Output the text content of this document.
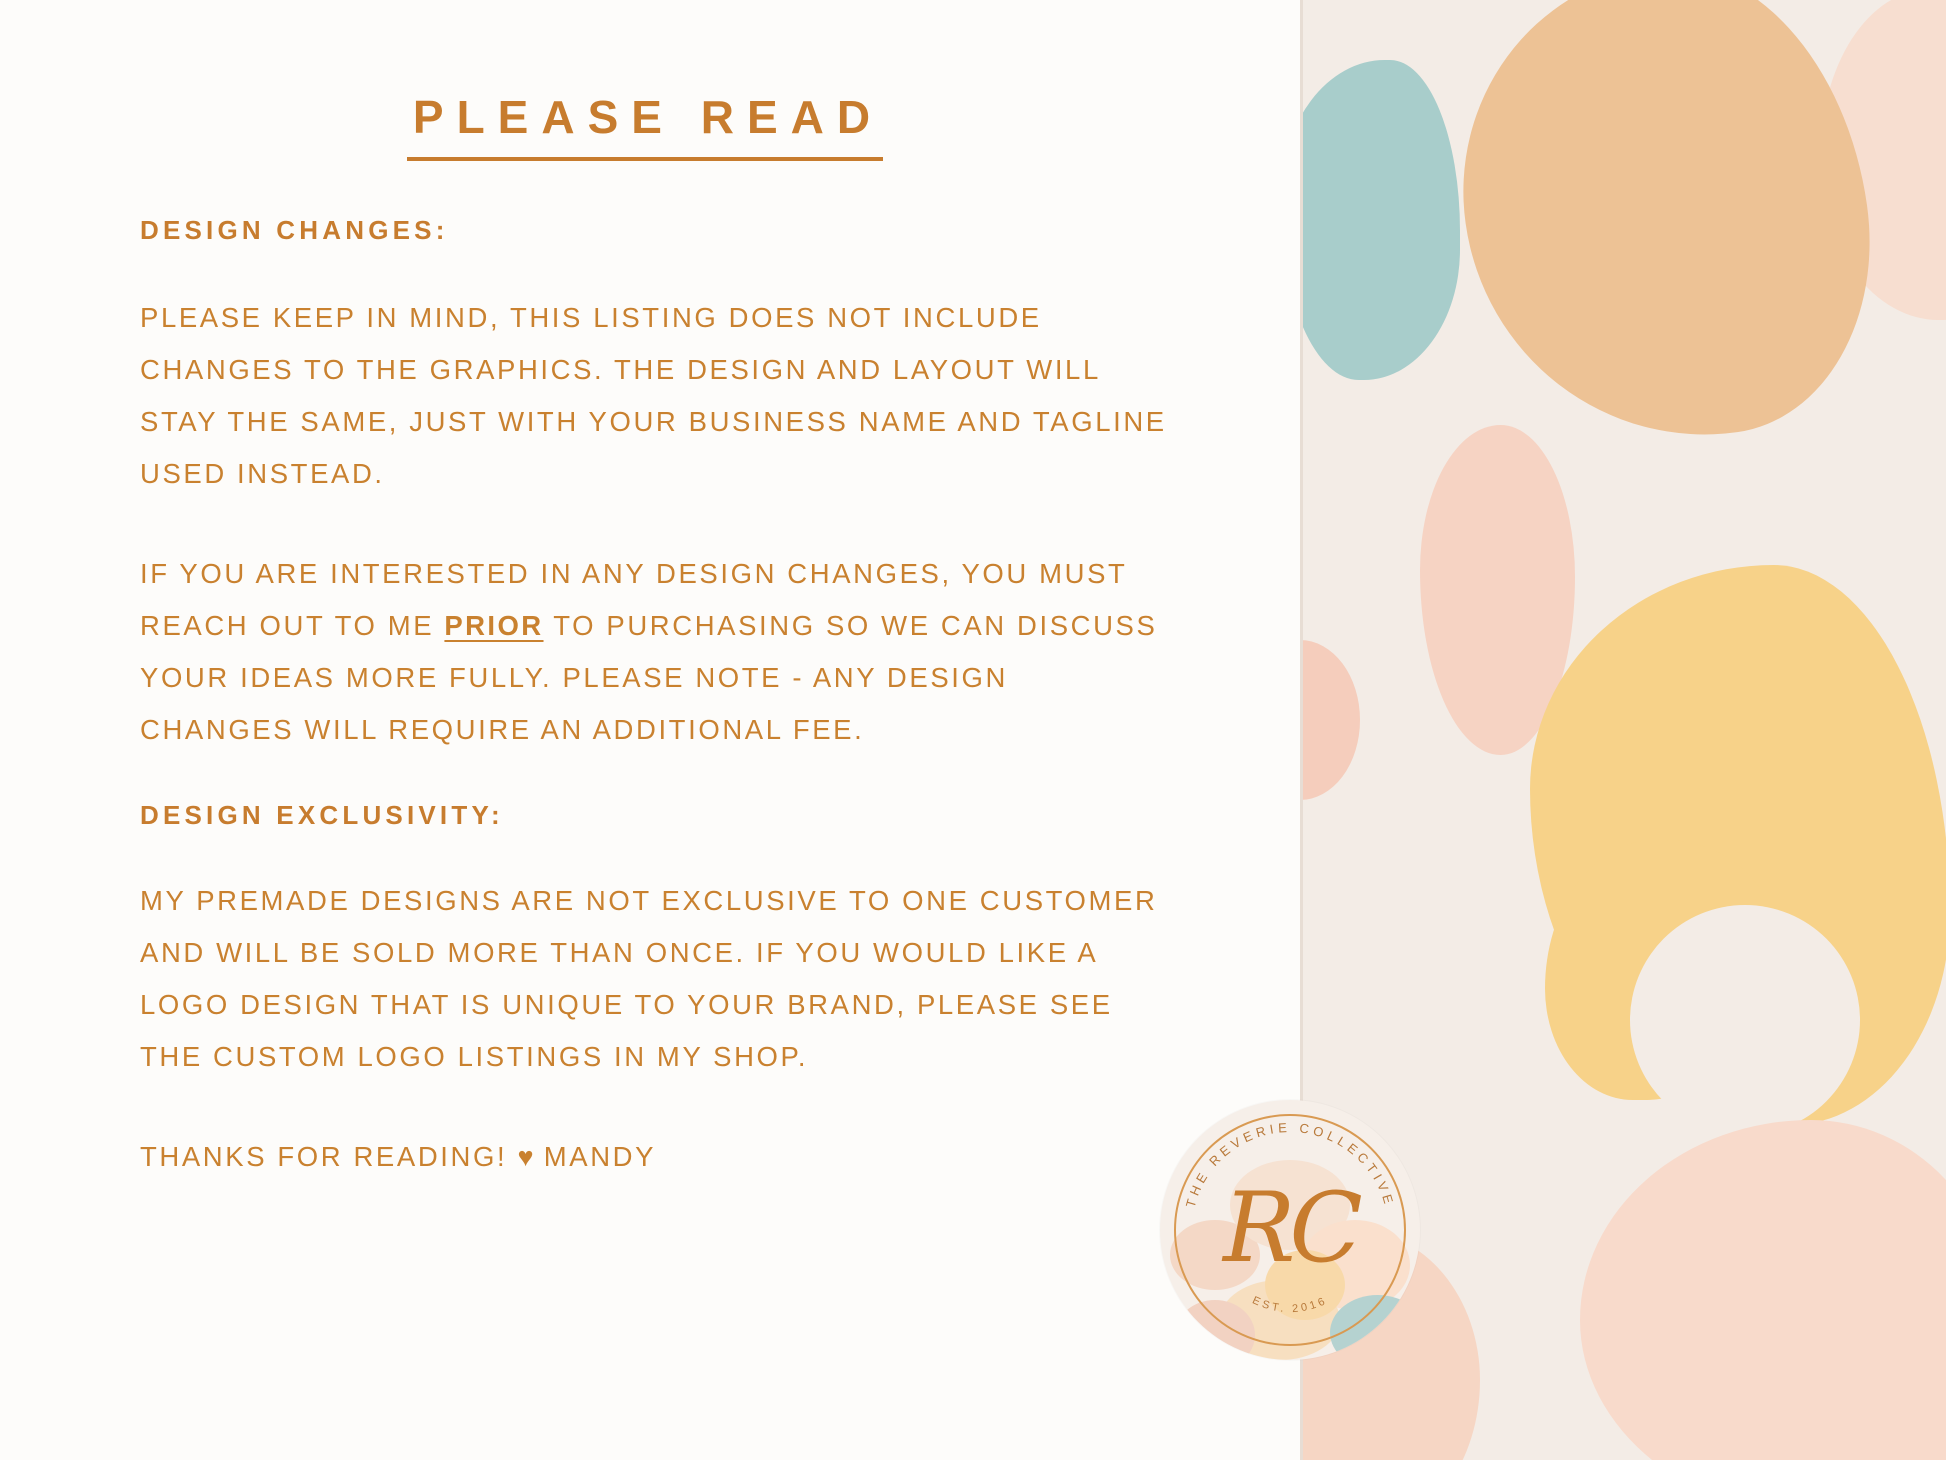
PLEASE READ
DESIGN CHANGES:

PLEASE KEEP IN MIND, THIS LISTING DOES NOT INCLUDE CHANGES TO THE GRAPHICS. THE DESIGN AND LAYOUT WILL STAY THE SAME, JUST WITH YOUR BUSINESS NAME AND TAGLINE USED INSTEAD.

IF YOU ARE INTERESTED IN ANY DESIGN CHANGES, YOU MUST REACH OUT TO ME PRIOR TO PURCHASING SO WE CAN DISCUSS YOUR IDEAS MORE FULLY. PLEASE NOTE - ANY DESIGN CHANGES WILL REQUIRE AN ADDITIONAL FEE.

DESIGN EXCLUSIVITY:

MY PREMADE DESIGNS ARE NOT EXCLUSIVE TO ONE CUSTOMER AND WILL BE SOLD MORE THAN ONCE. IF YOU WOULD LIKE A LOGO DESIGN THAT IS UNIQUE TO YOUR BRAND, PLEASE SEE THE CUSTOM LOGO LISTINGS IN MY SHOP.

THANKS FOR READING! ♥ MANDY

THE REVERIE COLLECTIVE
EST. 2016
RC
